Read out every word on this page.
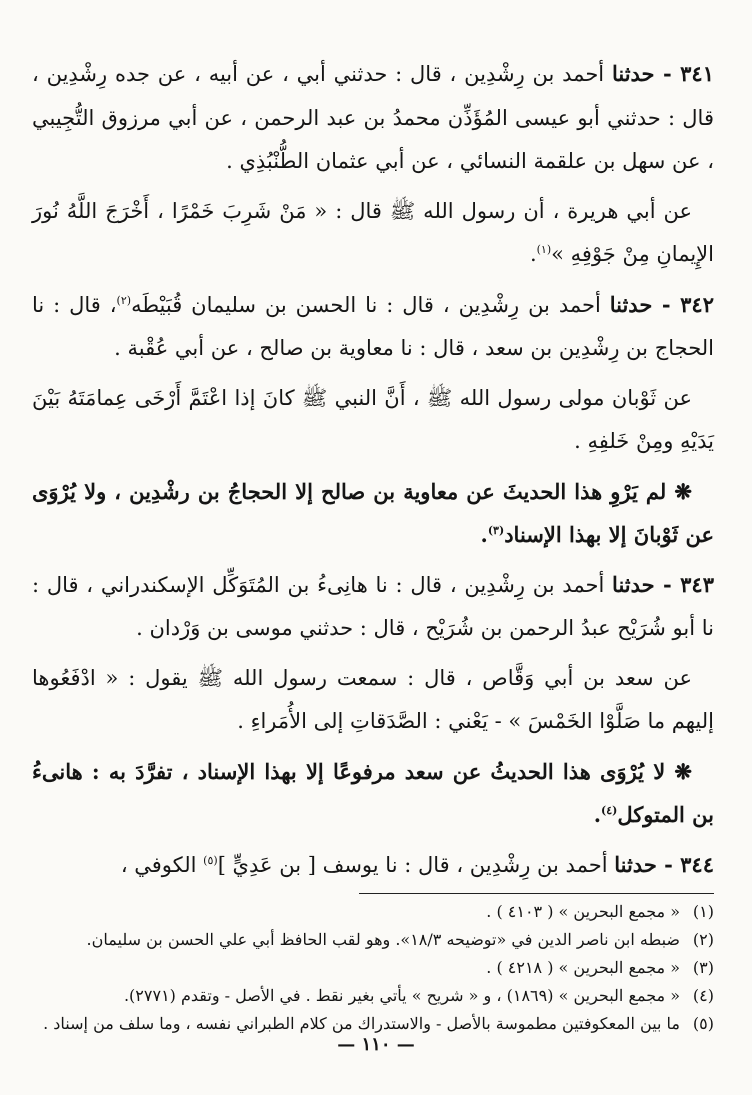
٣٤١ - حدثنا أحمد بن رِشْدِين ، قال : حدثني أبي ، عن أبيه ، عن جده رِشْدِين ، قال : حدثني أبو عيسى المُؤَذِّن محمدُ بن عبد الرحمن ، عن أبي مرزوق التُّجِيبي ، عن سهل بن علقمة النسائي ، عن أبي عثمان الطُّنْبُذِي .

عن أبي هريرة ، أن رسول الله ﷺ قال : « مَنْ شَرِبَ خَمْرًا ، أَخْرَجَ اللَّهُ نُورَ الإِيمانِ مِنْ جَوْفِهِ »$^{(١)}$.

٣٤٢ - حدثنا أحمد بن رِشْدِين ، قال : نا الحسن بن سليمان قُبَيْطَه$^{(٢)}$، قال : نا الحجاج بن رِشْدِين بن سعد ، قال : نا معاوية بن صالح ، عن أبي عُقْبة .

عن ثَوْبان مولى رسول الله ﷺ ، أَنَّ النبي ﷺ كانَ إذا اعْتَمَّ أَرْخَى عِمامَتَهُ بَيْنَ يَدَيْهِ ومِنْ خَلفِهِ .

❋ لم يَرْوِ هذا الحديثَ عن معاوية بن صالح إلا الحجاجُ بن رشْدِين ، ولا يُرْوَى عن ثَوْبانَ إلا بهذا الإسناد$^{(٣)}$.

٣٤٣ - حدثنا أحمد بن رِشْدِين ، قال : نا هانِىءُ بن المُتَوَكِّل الإسكندراني ، قال : نا أبو شُرَيْح عبدُ الرحمن بن شُرَيْح ، قال : حدثني موسى بن وَرْدان .

عن سعد بن أبي وَقَّاص ، قال : سمعت رسول الله ﷺ يقول : « ادْفَعُوها إليهم ما صَلَّوْا الخَمْسَ » - يَعْني : الصَّدَقاتِ إلى الأُمَراءِ .

❋ لا يُرْوَى هذا الحديثُ عن سعد مرفوعًا إلا بهذا الإسناد ، تفرَّدَ به : هانىءُ بن المتوكل$^{(٤)}$.

٣٤٤ - حدثنا أحمد بن رِشْدِين ، قال : نا يوسف [ بن عَدِيٍّ ]$^{(٥)}$ الكوفي ،

(١)
« مجمع البحرين » ( ٤١٠٣ ) .
(٢)
ضبطه ابن ناصر الدين في «توضيحه ١٨/٣». وهو لقب الحافظ أبي علي الحسن بن سليمان.
(٣)
« مجمع البحرين » ( ٤٢١٨ ) .
(٤)
« مجمع البحرين » (١٨٦٩) ، و « شريح » يأتي بغير نقط . في الأصل - وتقدم (٢٧٧١).
(٥)
ما بين المعكوفتين مطموسة بالأصل - والاستدراك من كلام الطبراني نفسه ، وما سلف من إسناد .
— ١١٠ —
